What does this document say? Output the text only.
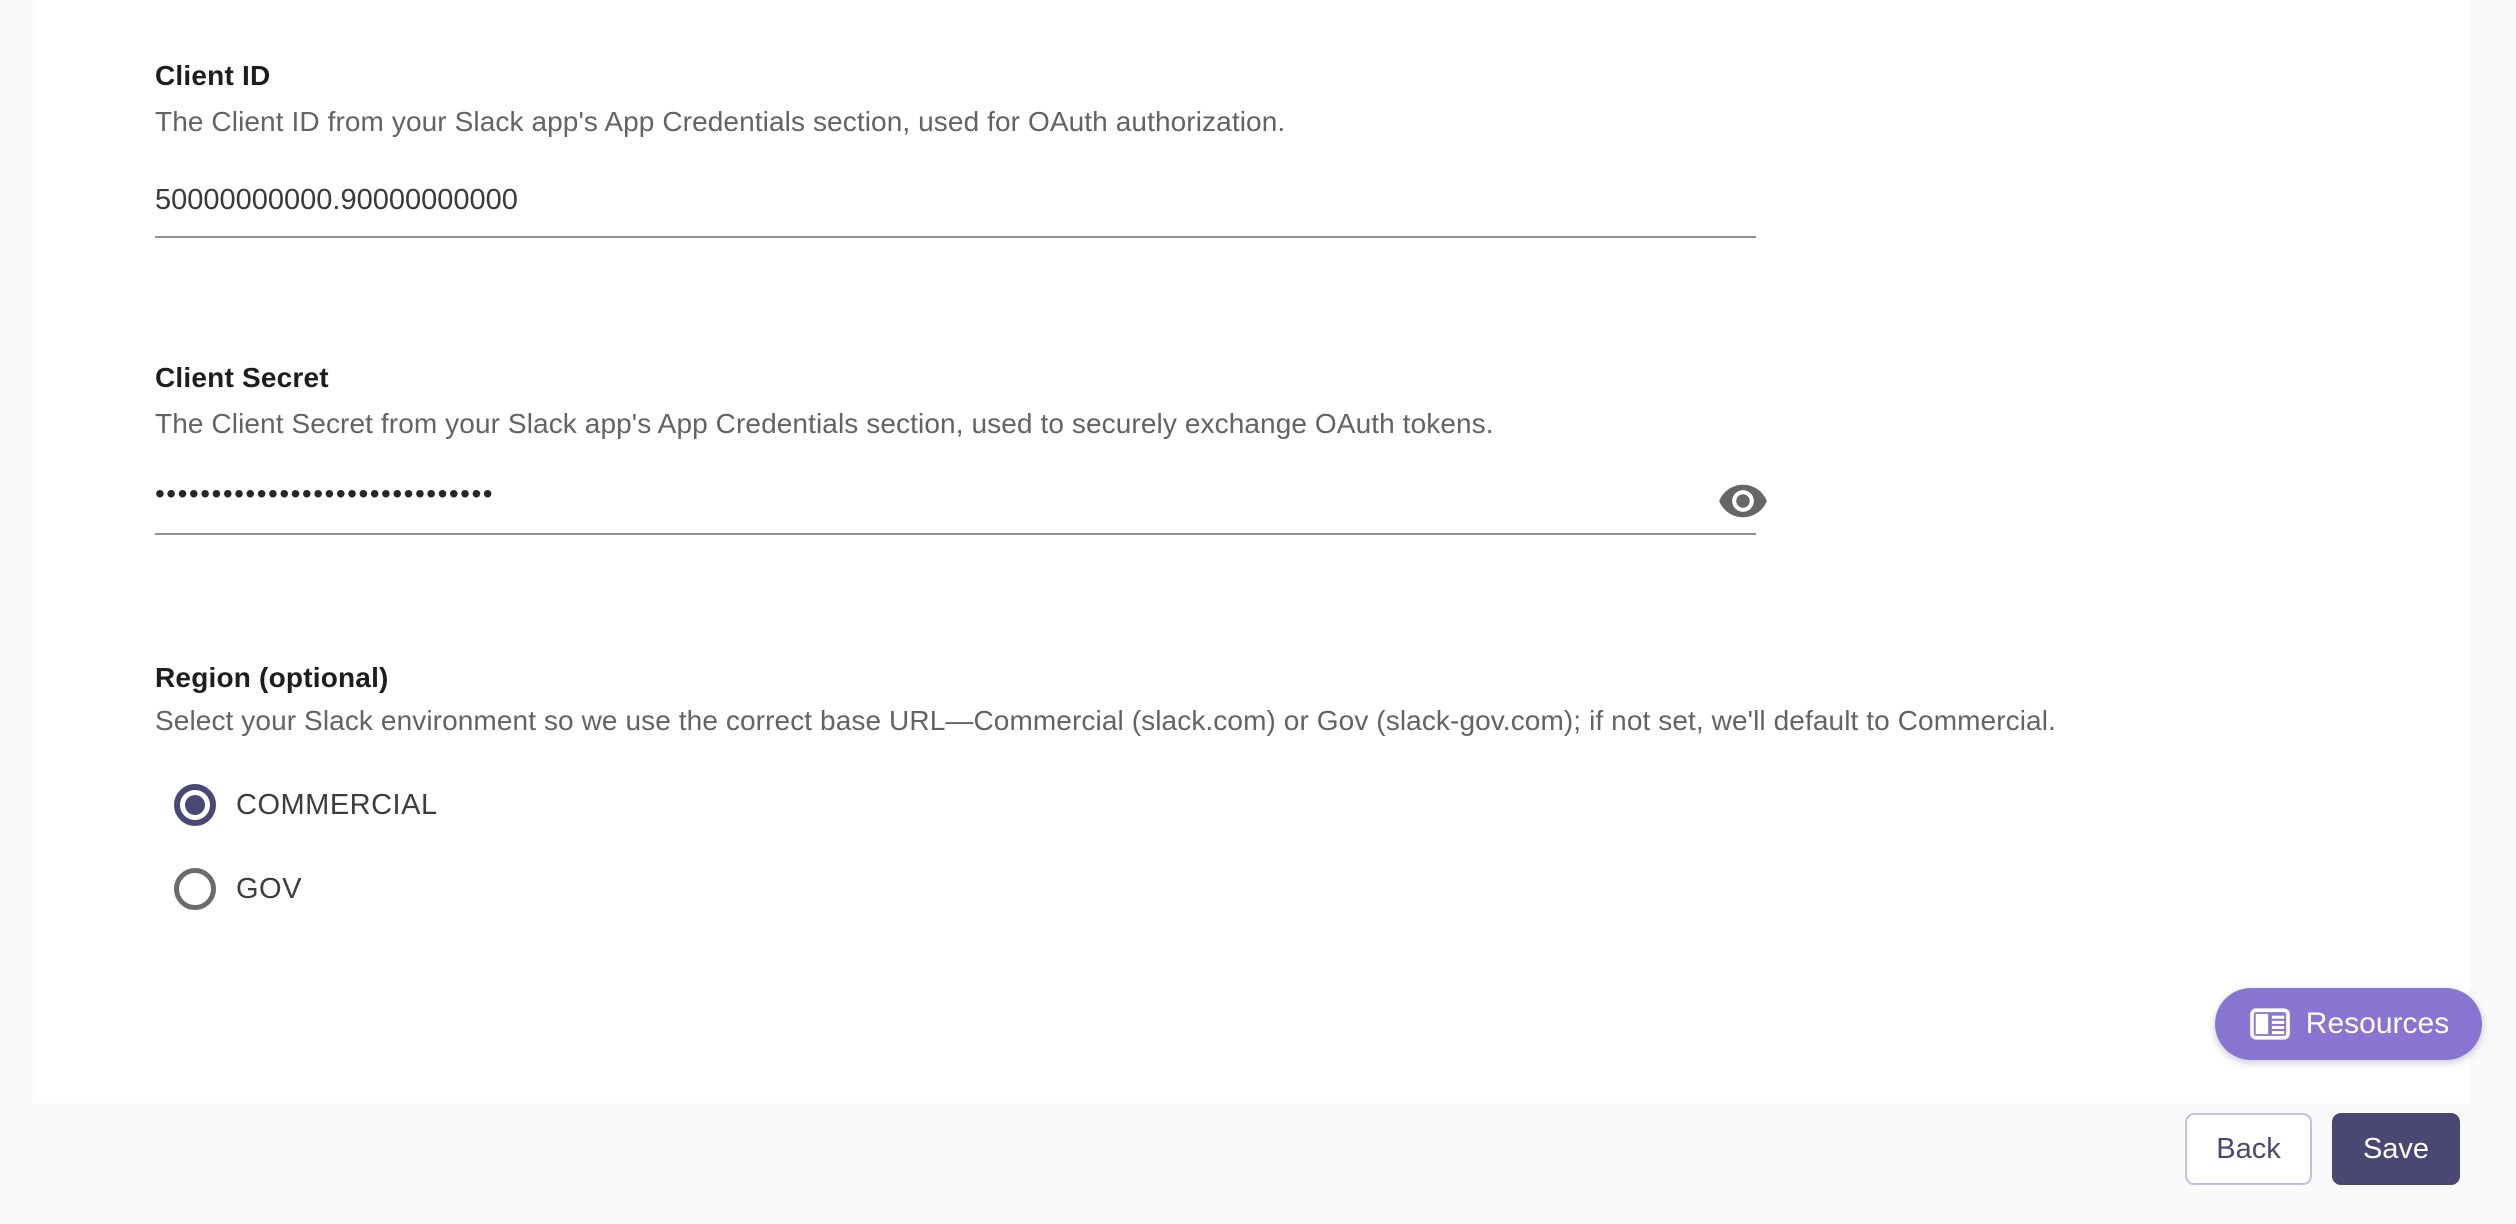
Client ID
The Client ID from your Slack app's App Credentials section, used for OAuth authorization.
50000000000.90000000000
Client Secret
The Client Secret from your Slack app's App Credentials section, used to securely exchange OAuth tokens.
••••••••••••••••••••••••••••••
Region (optional)
Select your Slack environment so we use the correct base URL—Commercial (slack.com) or Gov (slack-gov.com); if not set, we'll default to Commercial.
COMMERCIAL
GOV
Resources
Back	Save
